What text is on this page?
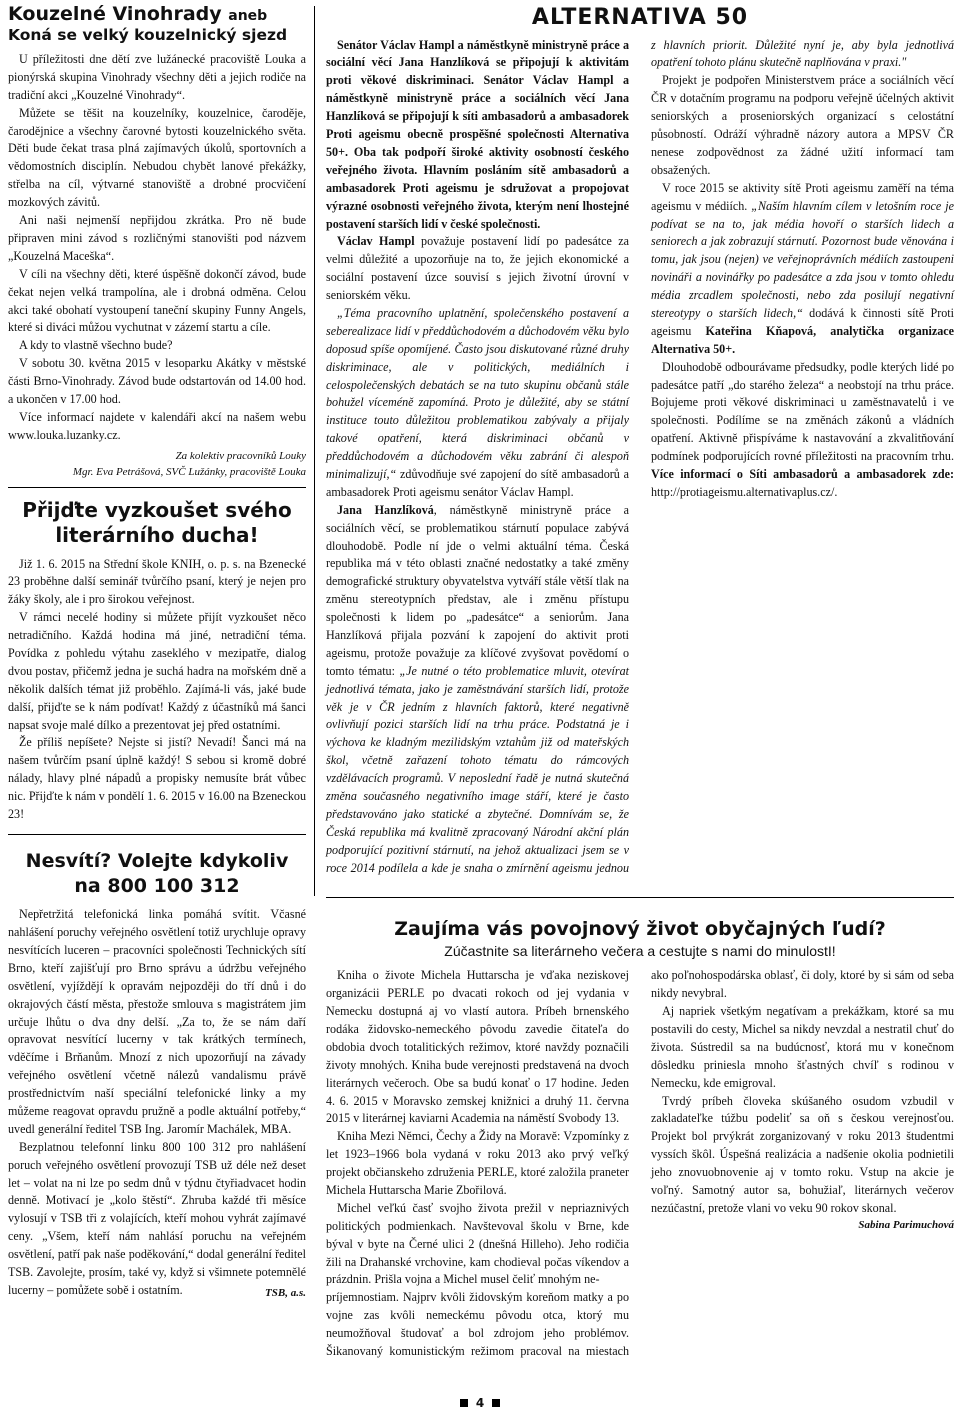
Kouzelné Vinohrady aneb
Koná se velký kouzelnický sjezd

U příležitosti dne dětí zve lužánecké pracoviště Louka a pionýrská skupina Vinohrady všechny děti a jejich rodiče na tradiční akci „Kouzelné Vinohrady“.

Můžete se těšit na kouzelníky, kouzelnice, čaroděje, čarodějnice a všechny čarovné bytosti kouzelnického světa. Děti bude čekat trasa plná zajímavých úkolů, sportovních a vědomostních disciplín. Nebudou chybět lanové překážky, střelba na cíl, výtvarné stanoviště a drobné procvičení mozkových závitů.

Ani naši nejmenší nepřijdou zkrátka. Pro ně bude připraven mini závod s rozličnými stanovišti pod názvem „Kouzelná Maceška“.

V cíli na všechny děti, které úspěšně dokončí závod, bude čekat nejen velká trampolína, ale i drobná odměna. Celou akci také obohatí vystoupení taneční skupiny Funny Angels, které si diváci můžou vychutnat v zázemí startu a cíle.

A kdy to vlastně všechno bude?

V sobotu 30. května 2015 v lesoparku Akátky v městské části Brno-Vinohrady. Závod bude odstartován od 14.00 hod. a ukončen v 17.00 hod.

Více informací najdete v kalendáři akcí na našem webu www.louka.luzanky.cz.

Za kolektiv pracovníků Louky
Mgr. Eva Petrášová, SVČ Lužánky, pracoviště Louka
Přijďte vyzkoušet svého literárního ducha!

Již 1. 6. 2015 na Střední škole KNIH, o. p. s. na Bzenecké 23 proběhne další seminář tvůrčího psaní, který je nejen pro žáky školy, ale i pro širokou veřejnost.

V rámci necelé hodiny si můžete přijít vyzkoušet něco netradičního. Každá hodina má jiné, netradiční téma. Povídka z pohledu výtahu zaseklého v mezipatře, dialog dvou postav, přičemž jedna je suchá hadra na mořském dně a několik dalších témat již proběhlo. Zajímá-li vás, jaké bude další, přijďte se k nám podívat! Každý z účastníků má šanci napsat svoje malé dílko a prezentovat jej před ostatními.

Že příliš nepíšete? Nejste si jistí? Nevadí! Šanci má na našem tvůrčím psaní úplně každý! S sebou si kromě dobré nálady, hlavy plné nápadů a propisky nemusíte brát vůbec nic. Přijďte k nám v pondělí 1. 6. 2015 v 16.00 na Bzeneckou 23!

Nesvítí? Volejte kdykoliv
na 800 100 312

Nepřetržitá telefonická linka pomáhá svítit. Včasné nahlášení poruchy veřejného osvětlení totiž urychluje opravy nesvítících luceren – pracovníci společnosti Technických sítí Brno, kteří zajišťují pro Brno správu a údržbu veřejného osvětlení, vyjíždějí k opravám nejpozději do tří dnů i do okrajových částí města, přestože smlouva s magistrátem jim určuje lhůtu o dva dny delší. „Za to, že se nám daří opravovat nesvítící lucerny v tak krátkých termínech, vděčíme i Brňanům. Mnozí z nich upozorňují na závady veřejného osvětlení včetně nálezů vandalismu právě prostřednictvím naší speciální telefonické linky a my můžeme reagovat opravdu pružně a podle aktuální potřeby,“ uvedl generální ředitel TSB Ing. Jaromír Machálek, MBA.

Bezplatnou telefonní linku 800 100 312 pro nahlášení poruch veřejného osvětlení provozují TSB už déle než deset let – volat na ni lze po sedm dnů v týdnu čtyřiadvacet hodin denně. Motivací je „kolo štěstí“. Zhruba každé tři měsíce vylosují v TSB tři z volajících, kteří mohou vyhrát zajímavé ceny. „Všem, kteří nám nahlásí poruchu na veřejném osvětlení, patří pak naše poděkování,“ dodal generální ředitel TSB. Zavolejte, prosím, také vy, když si všimnete potemnělé lucerny – pomůžete sobě i ostatním.	TSB, a.s.
ALTERNATIVA 50

Senátor Václav Hampl a náměstkyně ministryně práce a sociální věcí Jana Hanzlíková se připojují k aktivitám proti věkové diskriminaci. Senátor Václav Hampl a náměstkyně ministryně práce a sociálních věcí Jana Hanzlíková se připojují k síti ambasadorů a ambasadorek Proti ageismu obecně prospěšné společnosti Alternativa 50+. Oba tak podpoří široké aktivity osobností českého veřejného života. Hlavním posláním sítě ambasadorů a ambasadorek Proti ageismu je sdružovat a propojovat výrazné osobnosti veřejného života, kterým není lhostejné postavení starších lidí v české společnosti.

Václav Hampl považuje postavení lidí po padesátce za velmi důležité a upozorňuje na to, že jejich ekonomické a sociální postavení úzce souvisí s jejich životní úrovní v seniorském věku.

„Téma pracovního uplatnění, společenského postavení a seberealizace lidí v předdůchodovém a důchodovém věku bylo doposud spíše opomíjené. Často jsou diskutované různé druhy diskriminace, ale v politických, mediálních i celospolečenských debatách se na tuto skupinu občanů stále bohužel víceméně zapomíná. Proto je důležité, aby se státní instituce touto důležitou problematikou zabývaly a přijaly takové opatření, která diskriminaci občanů v předdůchodovém a důchodovém věku zabrání či alespoň minimalizují,“ zdůvodňuje své zapojení do sítě ambasadorů a ambasadorek Proti ageismu senátor Václav Hampl.

Jana Hanzlíková, náměstkyně ministryně práce a sociálních věcí, se problematikou stárnutí populace zabývá dlouhodobě. Podle ní jde o velmi aktuální téma. Česká republika má v této oblasti značné nedostatky a také změny demografické struktury obyvatelstva vytváří stále větší tlak na změnu stereotypních představ, ale i změnu přístupu společnosti k lidem po „padesátce“ a seniorům. Jana Hanzlíková přijala pozvání k zapojení do aktivit proti ageismu, protože považuje za klíčové zvyšovat povědomí o tomto tématu: „Je nutné o této problematice mluvit, otevírat jednotlivá témata, jako je zaměstnávání starších lidí, protože věk je v ČR jedním z hlavních faktorů, které negativně ovlivňují pozici starších lidí na trhu práce. Podstatná je i výchova ke kladným mezilidským vztahům již od mateřských škol, včetně zařazení tohoto tématu do rámcových vzdělávacích programů. V neposlední řadě je nutná skutečná změna současného negativního image stáří, které je často představováno jako statické a zbytečné. Domnívám se, že Česká republika má kvalitně zpracovaný Národní akční plán podporující pozitivní stárnutí, na jehož aktualizaci jsem se v roce 2014 podílela a kde je snaha o zmírnění ageismu jednou z hlavních priorit. Důležité nyní je, aby byla jednotlivá opatření tohoto plánu skutečně naplňována v praxi."

Projekt je podpořen Ministerstvem práce a sociálních věcí ČR v dotačním programu na podporu veřejně účelných aktivit seniorských a proseniorských organizací s celostátní působností. Odráží výhradně názory autora a MPSV ČR nenese zodpovědnost za žádné užití informací tam obsažených.

V roce 2015 se aktivity sítě Proti ageismu zaměří na téma ageismu v médiích. „Naším hlavním cílem v letošním roce je podívat se na to, jak média hovoří o starších lidech a seniorech a jak zobrazují stárnutí. Pozornost bude věnována i tomu, jak jsou (nejen) ve veřejnoprávních médiích zastoupeni novináři a novinářky po padesátce a zda jsou v tomto ohledu média zrcadlem společnosti, nebo zda posilují negativní stereotypy o starších lidech,“ dodává k činnosti sítě Proti ageismu Kateřina Kňapová, analytička organizace Alternativa 50+.

Dlouhodobě odbourávame předsudky, podle kterých lidé po padesátce patří „do starého železa“ a neobstojí na trhu práce. Bojujeme proti věkové diskriminaci u zaměstnavatelů i ve společnosti. Podílíme se na změnách zákonů a vládních opatření. Aktivně přispíváme k nastavování a zkvalitňování podmínek podporujících rovné příležitosti na pracovním trhu. Více informací o Síti ambasadorů a ambasadorek zde: http://protiageismu.alternativaplus.cz/.

Zaujíma vás povojnový život obyčajných ľudí?
Zúčastnite sa literárneho večera a cestujte s nami do minulostI!

Kniha o živote Michela Huttarscha je vďaka neziskovej organizácii PERLE po dvacati rokoch od jej vydania v Nemecku dostupná aj vo vlastí autora. Príbeh brnenského rodáka židovsko-nemeckého pôvodu zavedie čitateľa do obdobia dvoch totalitických režimov, ktoré navždy poznačili životy mnohých. Kniha bude verejnosti predstavená na dvoch literárnych večeroch. Obe sa budú konať o 17 hodine. Jeden 4. 6. 2015 v Moravsko zemskej knižnici a druhý 11. června 2015 v literárnej kaviarni Academia na náměstí Svobody 13.

Kniha Mezi Němci, Čechy a Židy na Moravě: Vzpomínky z let 1923–1966 bola vydaná v roku 2013 ako prvý veľký projekt občianskeho združenia PERLE, ktoré založila praneter Michela Huttarscha Marie Zbořilová.

Michel veľkú časť svojho života prežil v nepriaznivých politických podmienkach. Navštevoval školu v Brne, kde býval v byte na Černé ulici 2 (dnešná Hilleho). Jeho rodičia žili na Drahanské vrchovine, kam chodieval počas víkendov a prázdnin. Prišla vojna a Michel musel čeliť mnohým ne-

príjemnostiam. Najprv kvôli židovským koreňom matky a po vojne zas kvôli nemeckému pôvodu otca, ktorý mu neumožňoval študovať a bol zdrojom jeho problémov. Šikanovaný komunistickým režimom pracoval na miestach ako poľnohospodárska oblasť, či doly, ktoré by si sám od seba nikdy nevybral.

Aj napriek všetkým negatívam a prekážkam, ktoré sa mu postavili do cesty, Michel sa nikdy nevzdal a nestratil chuť do života. Sústredil sa na budúcnosť, ktorá mu v konečnom dôsledku priniesla mnoho šťastných chvíľ s rodinou v Nemecku, kde emigroval.

Tvrdý príbeh človeka skúšaného osudom vzbudil v zakladateľke túžbu podeliť sa oň s českou verejnosťou. Projekt bol prvýkrát zorganizovaný v roku 2013 študentmi vyssích škôl. Úspešná realizácia a nadšenie okolia podnietili jeho znovuobnovenie aj v tomto roku. Vstup na akcie je voľný. Samotný autor sa, bohužiaľ, literárnych večerov nezúčastní, pretože vlani vo veku 90 rokov skonal.

Sabina Parimuchová
4
